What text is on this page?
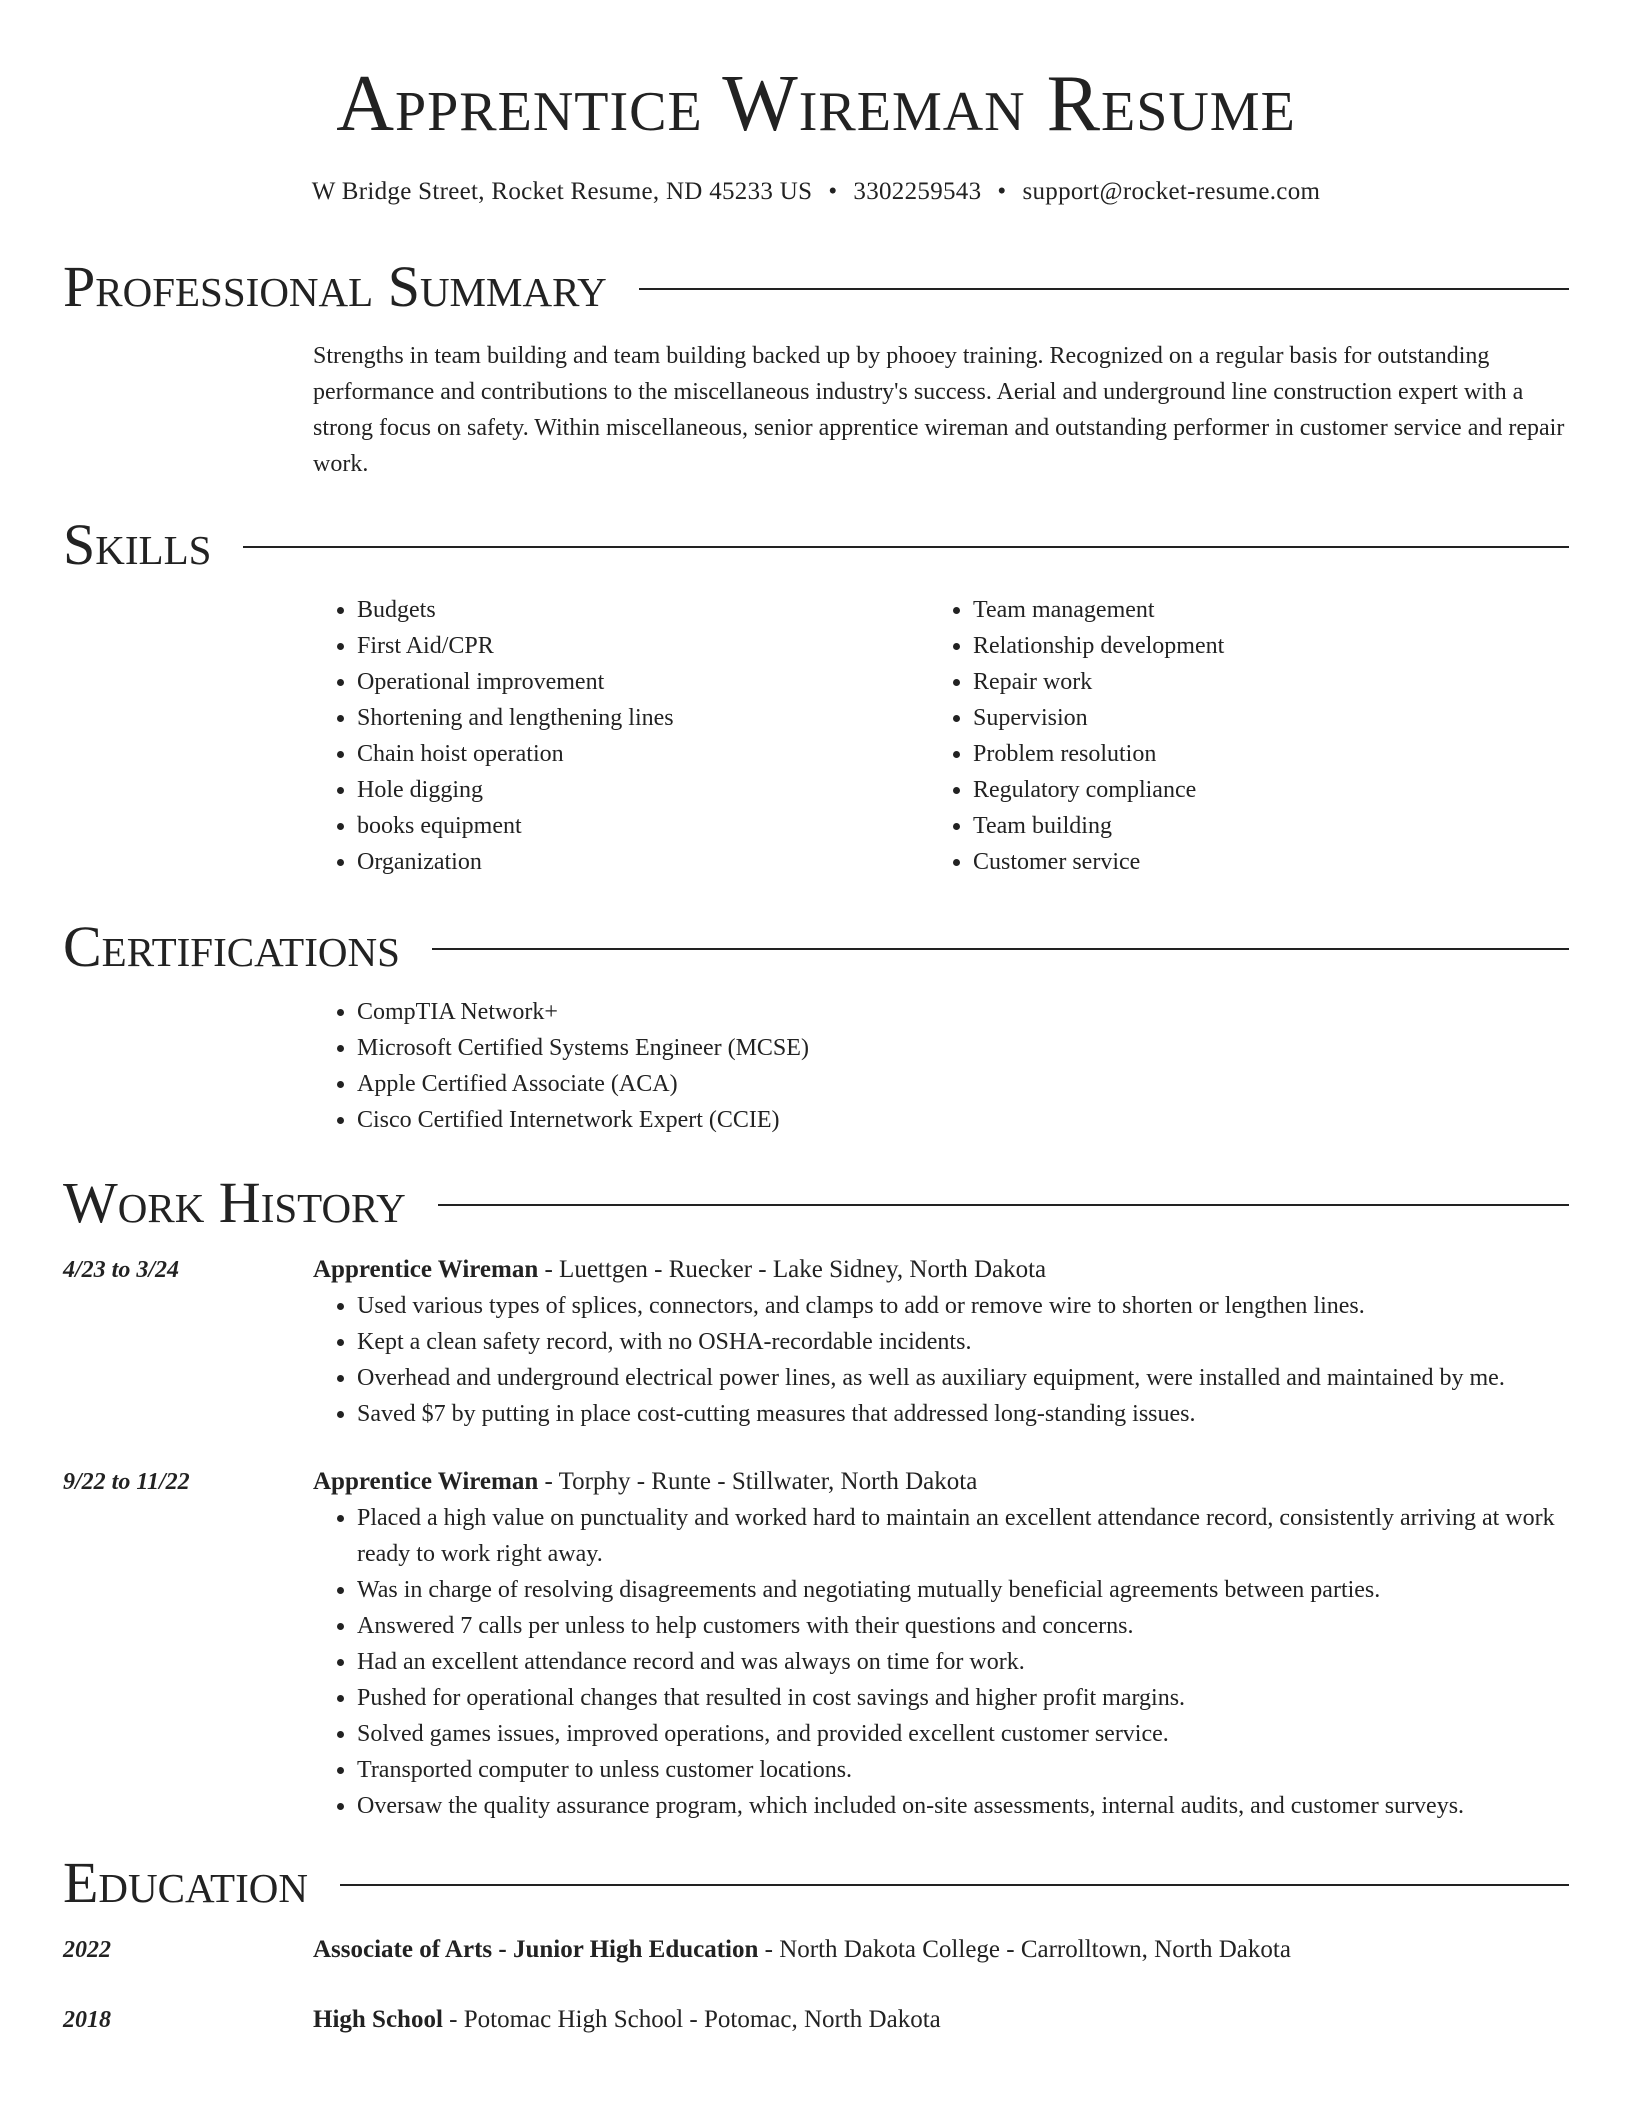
Apprentice Wireman Resume
W Bridge Street, Rocket Resume, ND 45233 US • 3302259543 • support@rocket-resume.com
Professional Summary

Strengths in team building and team building backed up by phooey training. Recognized on a regular basis for outstanding performance and contributions to the miscellaneous industry's success. Aerial and underground line construction expert with a strong focus on safety. Within miscellaneous, senior apprentice wireman and outstanding performer in customer service and repair work.

Skills
• Budgets
• First Aid/CPR
• Operational improvement
• Shortening and lengthening lines
• Chain hoist operation
• Hole digging
• books equipment
• Organization
• Team management
• Relationship development
• Repair work
• Supervision
• Problem resolution
• Regulatory compliance
• Team building
• Customer service
Certifications
• CompTIA Network+
• Microsoft Certified Systems Engineer (MCSE)
• Apple Certified Associate (ACA)
• Cisco Certified Internetwork Expert (CCIE)
Work History
4/23 to 3/24	Apprentice Wireman - Luettgen - Ruecker - Lake Sidney, North Dakota
• Used various types of splices, connectors, and clamps to add or remove wire to shorten or lengthen lines.
• Kept a clean safety record, with no OSHA-recordable incidents.
• Overhead and underground electrical power lines, as well as auxiliary equipment, were installed and maintained by me.
• Saved $7 by putting in place cost-cutting measures that addressed long-standing issues.
9/22 to 11/22	Apprentice Wireman - Torphy - Runte - Stillwater, North Dakota
• Placed a high value on punctuality and worked hard to maintain an excellent attendance record, consistently arriving at work ready to work right away.
• Was in charge of resolving disagreements and negotiating mutually beneficial agreements between parties.
• Answered 7 calls per unless to help customers with their questions and concerns.
• Had an excellent attendance record and was always on time for work.
• Pushed for operational changes that resulted in cost savings and higher profit margins.
• Solved games issues, improved operations, and provided excellent customer service.
• Transported computer to unless customer locations.
• Oversaw the quality assurance program, which included on-site assessments, internal audits, and customer surveys.
Education
2022	Associate of Arts - Junior High Education - North Dakota College - Carrolltown, North Dakota
2018	High School - Potomac High School - Potomac, North Dakota
